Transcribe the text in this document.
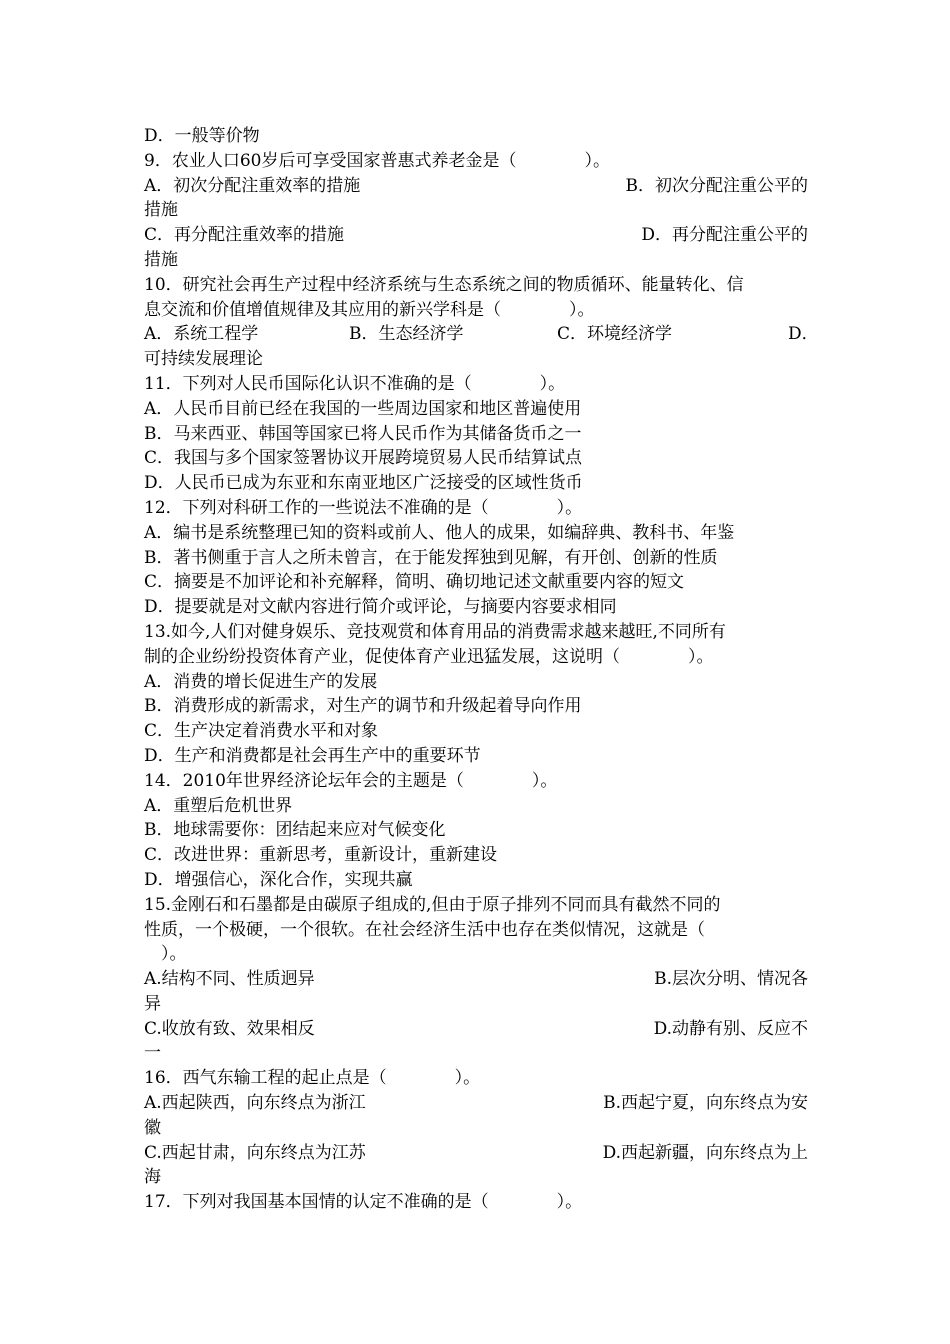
D．一般等价物
9．农业人口60岁后可享受国家普惠式养老金是（　　　　）。
A．初次分配注重效率的措施	B．初次分配注重公平的
措施
C．再分配注重效率的措施	D．再分配注重公平的
措施
10．研究社会再生产过程中经济系统与生态系统之间的物质循环、能量转化、信
息交流和价值增值规律及其应用的新兴学科是（　　　　）。
A．系统工程学	B．生态经济学	C．环境经济学	D．
可持续发展理论
11．下列对人民币国际化认识不准确的是（　　　　）。
A．人民币目前已经在我国的一些周边国家和地区普遍使用
B．马来西亚、韩国等国家已将人民币作为其储备货币之一
C．我国与多个国家签署协议开展跨境贸易人民币结算试点
D．人民币已成为东亚和东南亚地区广泛接受的区域性货币
12．下列对科研工作的一些说法不准确的是（　　　　）。
A．编书是系统整理已知的资料或前人、他人的成果，如编辞典、教科书、年鉴
B．著书侧重于言人之所未曾言，在于能发挥独到见解，有开创、创新的性质
C．摘要是不加评论和补充解释，简明、确切地记述文献重要内容的短文
D．提要就是对文献内容进行简介或评论，与摘要内容要求相同
13.如今,人们对健身娱乐、竞技观赏和体育用品的消费需求越来越旺,不同所有
制的企业纷纷投资体育产业，促使体育产业迅猛发展，这说明（　　　　）。
A．消费的增长促进生产的发展
B．消费形成的新需求，对生产的调节和升级起着导向作用
C．生产决定着消费水平和对象
D．生产和消费都是社会再生产中的重要环节
14．2010年世界经济论坛年会的主题是（　　　　）。
A．重塑后危机世界
B．地球需要你：团结起来应对气候变化
C．改进世界：重新思考，重新设计，重新建设
D．增强信心，深化合作，实现共赢
15.金刚石和石墨都是由碳原子组成的,但由于原子排列不同而具有截然不同的
性质，一个极硬，一个很软。在社会经济生活中也存在类似情况，这就是（
　）。
A.结构不同、性质迥异	B.层次分明、情况各
异
C.收放有致、效果相反	D.动静有别、反应不
一
16．西气东输工程的起止点是（　　　　）。
A.西起陕西，向东终点为浙江	B.西起宁夏，向东终点为安
徽
C.西起甘肃，向东终点为江苏	D.西起新疆，向东终点为上
海
17．下列对我国基本国情的认定不准确的是（　　　　）。
